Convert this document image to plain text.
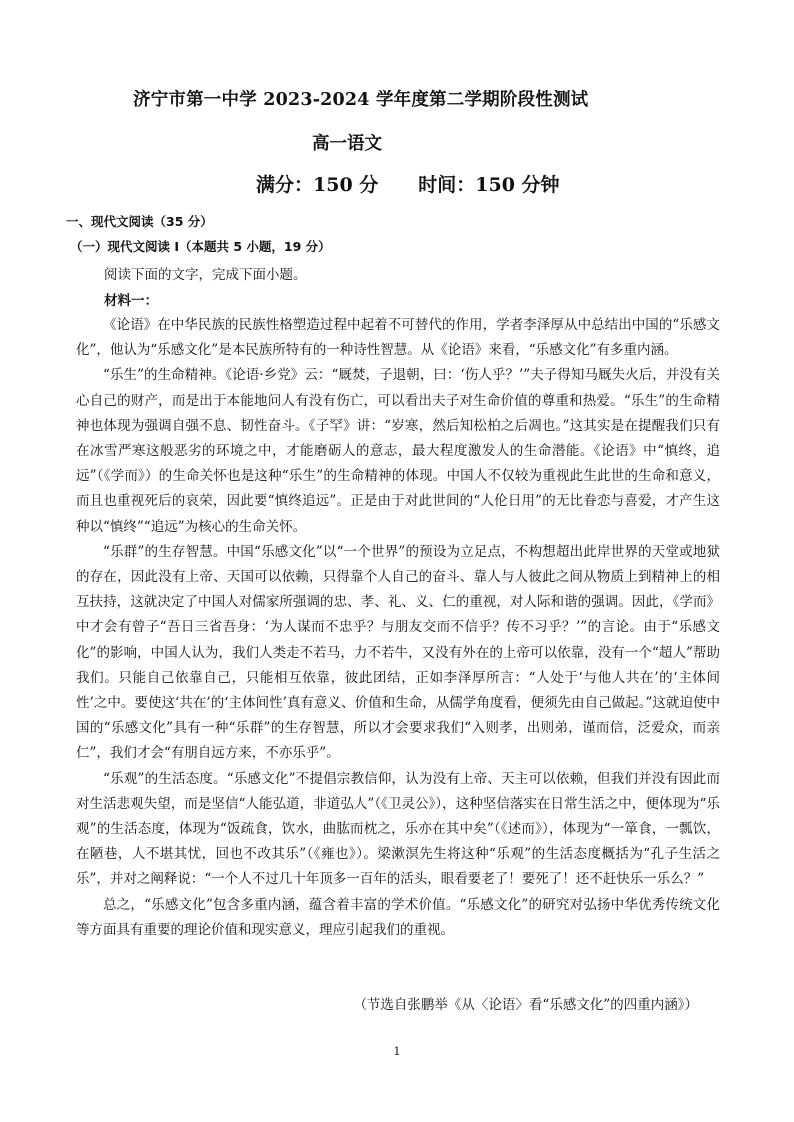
济宁市第一中学 2023-2024 学年度第二学期阶段性测试
高一语文
满分：150 分 时间：150 分钟
一、现代文阅读（35 分）
（一）现代文阅读 I（本题共 5 小题，19 分）
阅读下面的文字，完成下面小题。
材料一：

《论语》在中华民族的民族性格塑造过程中起着不可替代的作用，学者李泽厚从中总结出中国的“乐感文化”，他认为“乐感文化”是本民族所特有的一种诗性智慧。从《论语》来看，“乐感文化”有多重内涵。

“乐生”的生命精神。《论语·乡党》云：“厩焚，子退朝，曰：‘伤人乎？’”夫子得知马厩失火后，并没有关心自己的财产，而是出于本能地问人有没有伤亡，可以看出夫子对生命价值的尊重和热爱。“乐生”的生命精神也体现为强调自强不息、韧性奋斗。《子罕》讲：“岁寒，然后知松柏之后凋也。”这其实是在提醒我们只有在冰雪严寒这般恶劣的环境之中，才能磨砺人的意志，最大程度激发人的生命潜能。《论语》中“慎终，追远”（《学而》）的生命关怀也是这种“乐生”的生命精神的体现。中国人不仅较为重视此生此世的生命和意义，而且也重视死后的哀荣，因此要“慎终追远”。正是由于对此世间的“人伦日用”的无比眷恋与喜爱，才产生这种以“慎终”“追远”为核心的生命关怀。

“乐群”的生存智慧。中国“乐感文化”以“一个世界”的预设为立足点，不构想超出此岸世界的天堂或地狱的存在，因此没有上帝、天国可以依赖，只得靠个人自己的奋斗、靠人与人彼此之间从物质上到精神上的相互扶持，这就决定了中国人对儒家所强调的忠、孝、礼、义、仁的重视，对人际和谐的强调。因此，《学而》中才会有曾子“吾日三省吾身：‘为人谋而不忠乎？与朋友交而不信乎？传不习乎？’”的言论。由于“乐感文化”的影响，中国人认为，我们人类走不若马，力不若牛，又没有外在的上帝可以依靠，没有一个“超人”帮助我们。只能自己依靠自己，只能相互依靠，彼此团结，正如李泽厚所言：“人处于‘与他人共在’的‘主体间性’之中。要使这‘共在’的‘主体间性’真有意义、价值和生命，从儒学角度看，便须先由自己做起。”这就迫使中国的“乐感文化”具有一种“乐群”的生存智慧，所以才会要求我们“入则孝，出则弟，谨而信，泛爱众，而亲仁”，我们才会“有朋自远方来，不亦乐乎”。

“乐观”的生活态度。“乐感文化”不提倡宗教信仰，认为没有上帝、天主可以依赖，但我们并没有因此而对生活悲观失望，而是坚信“人能弘道，非道弘人”（《卫灵公》），这种坚信落实在日常生活之中，便体现为“乐观”的生活态度，体现为“饭疏食，饮水，曲肱而枕之，乐亦在其中矣”（《述而》），体现为“一箪食，一瓢饮，在陋巷，人不堪其忧，回也不改其乐”（《雍也》）。梁漱溟先生将这种“乐观”的生活态度概括为“孔子生活之乐”，并对之阐释说：“一个人不过几十年顶多一百年的活头，眼看要老了！要死了！还不赶快乐一乐么？”

总之，“乐感文化”包含多重内涵，蕴含着丰富的学术价值。“乐感文化”的研究对弘扬中华优秀传统文化等方面具有重要的理论价值和现实意义，理应引起我们的重视。

（节选自张鹏举《从〈论语〉看“乐感文化”的四重内涵》）
1
